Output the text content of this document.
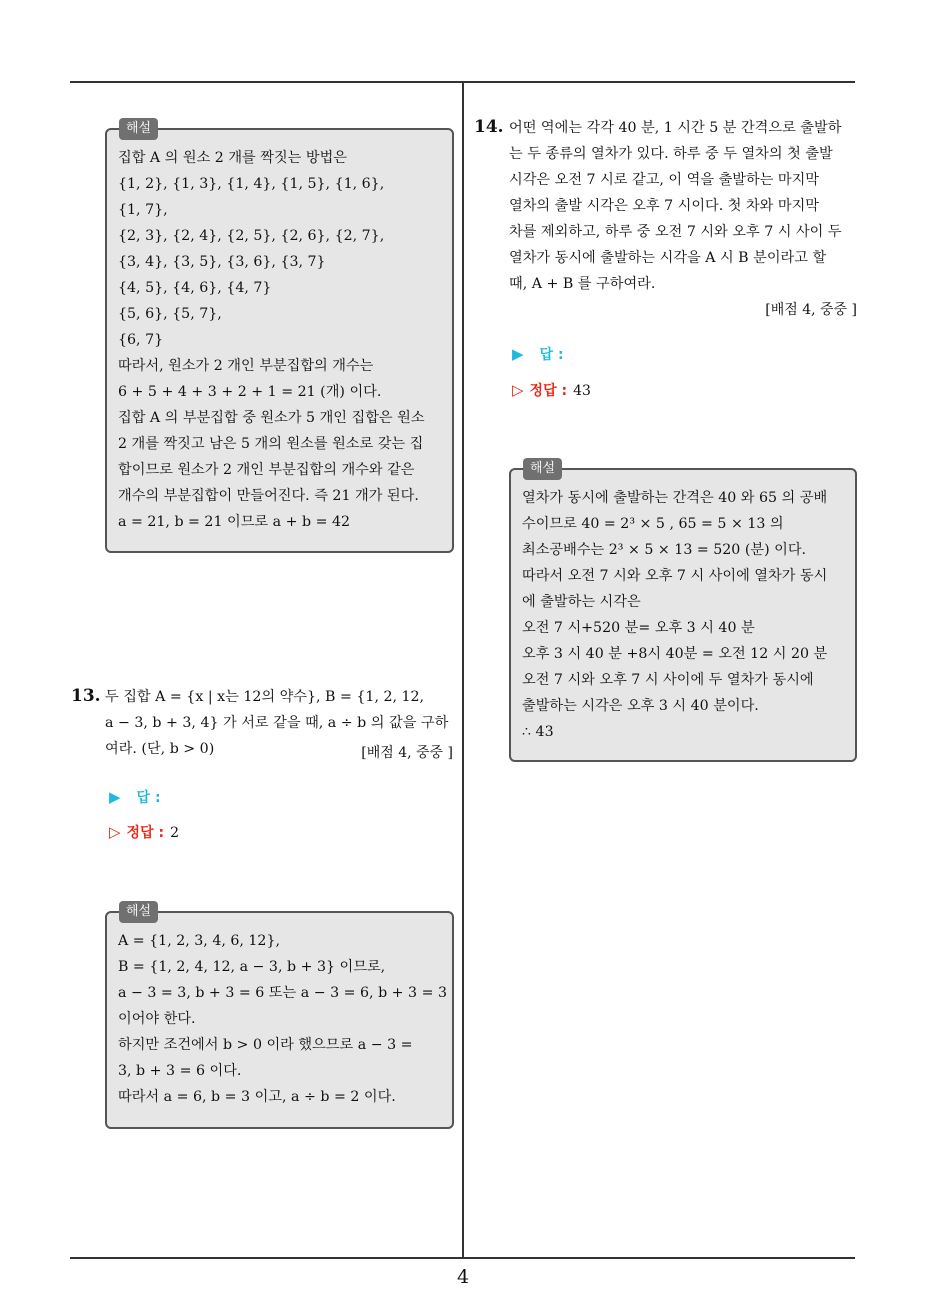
집합 A 의 원소 2 개를 짝짓는 방법은
{1, 2}, {1, 3}, {1, 4}, {1, 5}, {1, 6},
{1, 7},
{2, 3}, {2, 4}, {2, 5}, {2, 6}, {2, 7},
{3, 4}, {3, 5}, {3, 6}, {3, 7}
{4, 5}, {4, 6}, {4, 7}
{5, 6}, {5, 7},
{6, 7}
따라서, 원소가 2 개인 부분집합의 개수는
6 + 5 + 4 + 3 + 2 + 1 = 21 (개) 이다.
집합 A 의 부분집합 중 원소가 5 개인 집합은 원소
2 개를 짝짓고 남은 5 개의 원소를 원소로 갖는 집
합이므로 원소가 2 개인 부분집합의 개수와 같은
개수의 부분집합이 만들어진다. 즉 21 개가 된다.
a = 21, b = 21 이므로 a + b = 42
해설
13. 두 집합 A = {x | x는 12의 약수}, B = {1, 2, 12,
a − 3, b + 3, 4} 가 서로 같을 때, a ÷ b 의 값을 구하
여라. (단, b > 0)	[배점 4, 중중 ]
▶ 답 :
▷ 정답 : 2
A = {1, 2, 3, 4, 6, 12},
B = {1, 2, 4, 12, a − 3, b + 3} 이므로,
a − 3 = 3, b + 3 = 6 또는 a − 3 = 6, b + 3 = 3
이어야 한다.
하지만 조건에서 b > 0 이라 했으므로 a − 3 =
3, b + 3 = 6 이다.
따라서 a = 6, b = 3 이고, a ÷ b = 2 이다.
해설
14. 어떤 역에는 각각 40 분, 1 시간 5 분 간격으로 출발하
는 두 종류의 열차가 있다. 하루 중 두 열차의 첫 출발
시각은 오전 7 시로 같고, 이 역을 출발하는 마지막
열차의 출발 시각은 오후 7 시이다. 첫 차와 마지막
차를 제외하고, 하루 중 오전 7 시와 오후 7 시 사이 두
열차가 동시에 출발하는 시각을 A 시 B 분이라고 할
때, A + B 를 구하여라.
[배점 4, 중중 ]
▶ 답 :
▷ 정답 : 43
열차가 동시에 출발하는 간격은 40 와 65 의 공배
수이므로 40 = 2³ × 5 , 65 = 5 × 13 의
최소공배수는 2³ × 5 × 13 = 520 (분) 이다.
따라서 오전 7 시와 오후 7 시 사이에 열차가 동시
에 출발하는 시각은
오전 7 시+520 분= 오후 3 시 40 분
오후 3 시 40 분 +8시 40분 = 오전 12 시 20 분
오전 7 시와 오후 7 시 사이에 두 열차가 동시에
출발하는 시각은 오후 3 시 40 분이다.
∴ 43
해설
4
